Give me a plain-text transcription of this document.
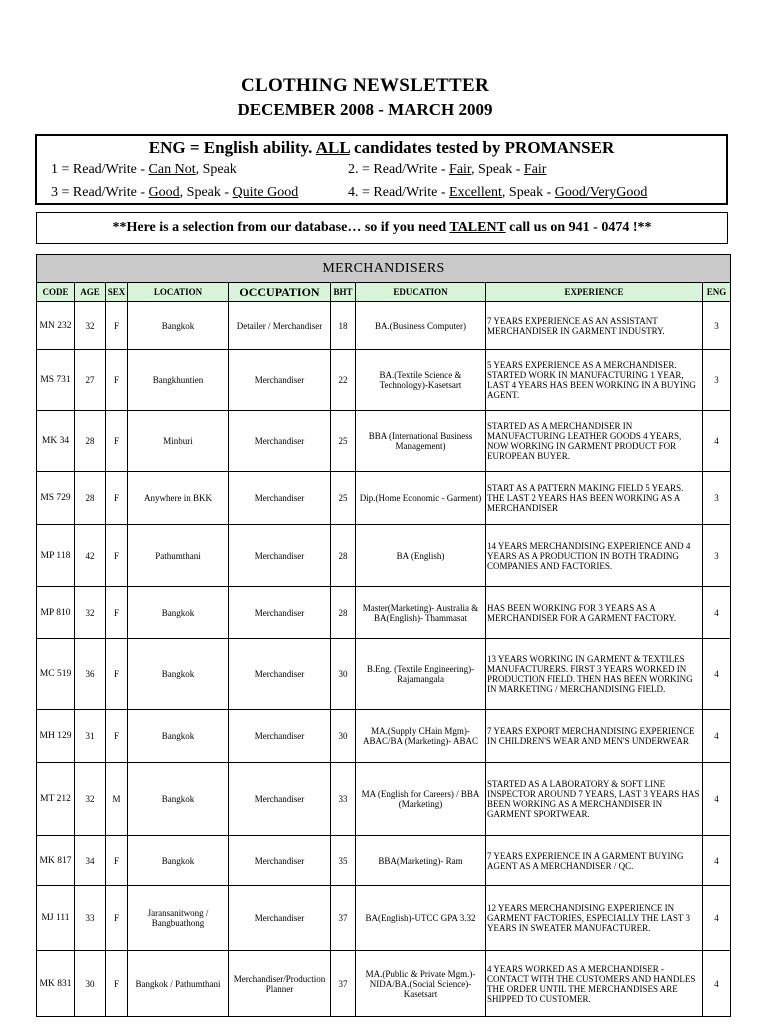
CLOTHING NEWSLETTER
DECEMBER 2008 - MARCH 2009
ENG = English ability. ALL candidates tested by PROMANSER
1 = Read/Write - Can Not, Speak	2. = Read/Write - Fair, Speak - Fair
3 = Read/Write - Good, Speak - Quite Good	4. = Read/Write - Excellent, Speak - Good/VeryGood
**Here is a selection from our database… so if you need TALENT call us on 941 - 0474 !**
MERCHANDISERS								
CODE	AGE	SEX	LOCATION	OCCUPATION	BHT	EDUCATION	EXPERIENCE	ENG
MN 232	32	F	Bangkok	Detailer / Merchandiser	18	BA.(Business Computer)	7 YEARS EXPERIENCE AS AN ASSISTANT MERCHANDISER IN GARMENT INDUSTRY.	3
MS 731	27	F	Bangkhuntien	Merchandiser	22	BA.(Textile Science & Technology)-Kasetsart	5 YEARS EXPERIENCE AS A MERCHANDISER. STARTED WORK IN MANUFACTURING 1 YEAR, LAST 4 YEARS HAS BEEN WORKING IN A BUYING AGENT.	3
MK 34	28	F	Minburi	Merchandiser	25	BBA (International Business Management)	STARTED AS A MERCHANDISER IN MANUFACTURING LEATHER GOODS 4 YEARS, NOW WORKING IN GARMENT PRODUCT FOR EUROPEAN BUYER.	4
MS 729	28	F	Anywhere in BKK	Merchandiser	25	Dip.(Home Economic - Garment)	START AS A PATTERN MAKING FIELD 5 YEARS. THE LAST 2 YEARS HAS BEEN WORKING AS A MERCHANDISER	3
MP 118	42	F	Pathumthani	Merchandiser	28	BA (English)	14 YEARS MERCHANDISING EXPERIENCE AND 4 YEARS AS A PRODUCTION IN BOTH TRADING COMPANIES AND FACTORIES.	3
MP 810	32	F	Bangkok	Merchandiser	28	Master(Marketing)- Australia & BA(English)- Thammasat	HAS BEEN WORKING FOR 3 YEARS AS A MERCHANDISER FOR A GARMENT FACTORY.	4
MC 519	36	F	Bangkok	Merchandiser	30	B.Eng. (Textile Engineering)-Rajamangala	13 YEARS WORKING IN GARMENT & TEXTILES MANUFACTURERS. FIRST 3 YEARS WORKED IN PRODUCTION FIELD. THEN HAS BEEN WORKING IN MARKETING / MERCHANDISING FIELD.	4
MH 129	31	F	Bangkok	Merchandiser	30	MA.(Supply CHain Mgm)- ABAC/BA (Marketing)- ABAC	7 YEARS EXPORT MERCHANDISING EXPERIENCE IN CHILDREN'S WEAR AND MEN'S UNDERWEAR	4
MT 212	32	M	Bangkok	Merchandiser	33	MA (English for Careers) / BBA (Marketing)	STARTED AS A LABORATORY & SOFT LINE INSPECTOR AROUND 7 YEARS, LAST 3 YEARS HAS BEEN WORKING AS A MERCHANDISER IN GARMENT SPORTWEAR.	4
MK 817	34	F	Bangkok	Merchandiser	35	BBA(Marketing)- Ram	7 YEARS EXPERIENCE IN A GARMENT BUYING AGENT AS A MERCHANDISER / QC.	4
MJ 111	33	F	Jaransanitwong / Bangbuathong	Merchandiser	37	BA(English)-UTCC GPA 3.32	12 YEARS MERCHANDISING EXPERIENCE IN GARMENT FACTORIES, ESPECIALLY THE LAST 3 YEARS IN SWEATER MANUFACTURER.	4
MK 831	30	F	Bangkok / Pathumthani	Merchandiser/Production Planner	37	MA.(Public & Private Mgm.)- NIDA/BA.(Social Science)- Kasetsart	4 YEARS WORKED AS A MERCHANDISER - CONTACT WITH THE CUSTOMERS AND HANDLES THE ORDER UNTIL THE MERCHANDISES ARE SHIPPED TO CUSTOMER.	4
